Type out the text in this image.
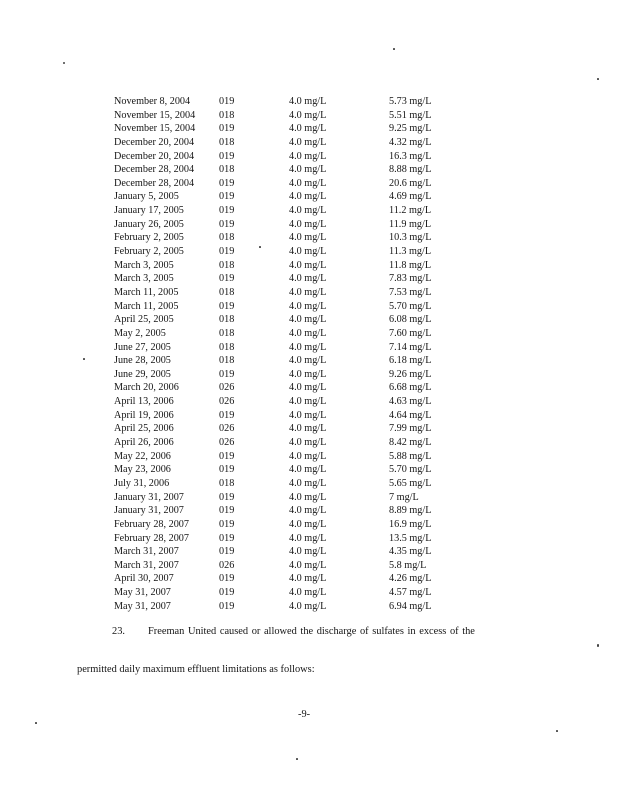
November 8, 2004	019	4.0 mg/L	5.73 mg/L
November 15, 2004 018	4.0 mg/L	5.51 mg/L
November 15, 2004 019	4.0 mg/L	9.25 mg/L
December 20, 2004 018	4.0 mg/L	4.32 mg/L
December 20, 2004 019	4.0 mg/L	16.3 mg/L
December 28, 2004 018	4.0 mg/L	8.88 mg/L
December 28, 2004 019	4.0 mg/L	20.6 mg/L
January 5, 2005	019	4.0 mg/L	4.69 mg/L
January 17, 2005	019	4.0 mg/L	11.2 mg/L
January 26, 2005	019	4.0 mg/L	11.9 mg/L
February 2, 2005	018	4.0 mg/L	10.3 mg/L
February 2, 2005	019	4.0 mg/L	11.3 mg/L
March 3, 2005	018	4.0 mg/L	11.8 mg/L
March 3, 2005	019	4.0 mg/L	7.83 mg/L
March 11, 2005	018	4.0 mg/L	7.53 mg/L
March 11, 2005	019	4.0 mg/L	5.70 mg/L
April 25, 2005	018	4.0 mg/L	6.08 mg/L
May 2, 2005	018	4.0 mg/L	7.60 mg/L
June 27, 2005	018	4.0 mg/L	7.14 mg/L
June 28, 2005	018	4.0 mg/L	6.18 mg/L
June 29, 2005	019	4.0 mg/L	9.26 mg/L
March 20, 2006	026	4.0 mg/L	6.68 mg/L
April 13, 2006	026	4.0 mg/L	4.63 mg/L
April 19, 2006	019	4.0 mg/L	4.64 mg/L
April 25, 2006	026	4.0 mg/L	7.99 mg/L
April 26, 2006	026	4.0 mg/L	8.42 mg/L
May 22, 2006	019	4.0 mg/L	5.88 mg/L
May 23, 2006	019	4.0 mg/L	5.70 mg/L
July 31, 2006	018	4.0 mg/L	5.65 mg/L
January 31, 2007	019	4.0 mg/L	7 mg/L
January 31, 2007	019	4.0 mg/L	8.89 mg/L
February 28, 2007	019	4.0 mg/L	16.9 mg/L
February 28, 2007	019	4.0 mg/L	13.5 mg/L
March 31, 2007	019	4.0 mg/L	4.35 mg/L
March 31, 2007	026	4.0 mg/L	5.8 mg/L
April 30, 2007	019	4.0 mg/L	4.26 mg/L
May 31, 2007	019	4.0 mg/L	4.57 mg/L
May 31, 2007	019	4.0 mg/L	6.94 mg/L
23. Freeman United caused or allowed the discharge of sulfates in excess of the
permitted daily maximum effluent limitations as follows:
-9-
